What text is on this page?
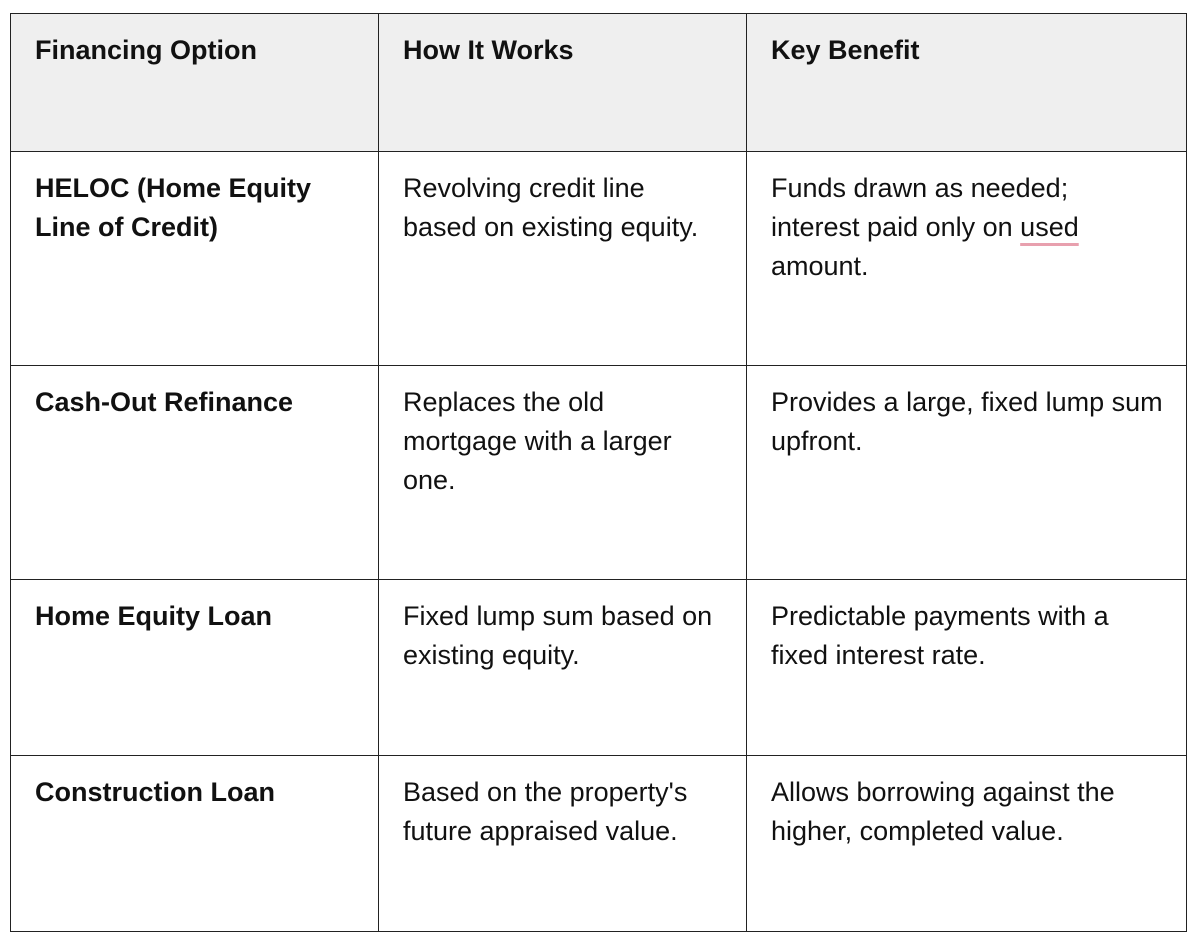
Financing Option	How It Works	Key Benefit
HELOC (Home Equity Line of Credit)	Revolving credit line based on existing equity.	Funds drawn as needed; interest paid only on used amount.
Cash-Out Refinance	Replaces the old mortgage with a larger one.	Provides a large, fixed lump sum upfront.
Home Equity Loan	Fixed lump sum based on existing equity.	Predictable payments with a fixed interest rate.
Construction Loan	Based on the property's future appraised value.	Allows borrowing against the higher, completed value.
